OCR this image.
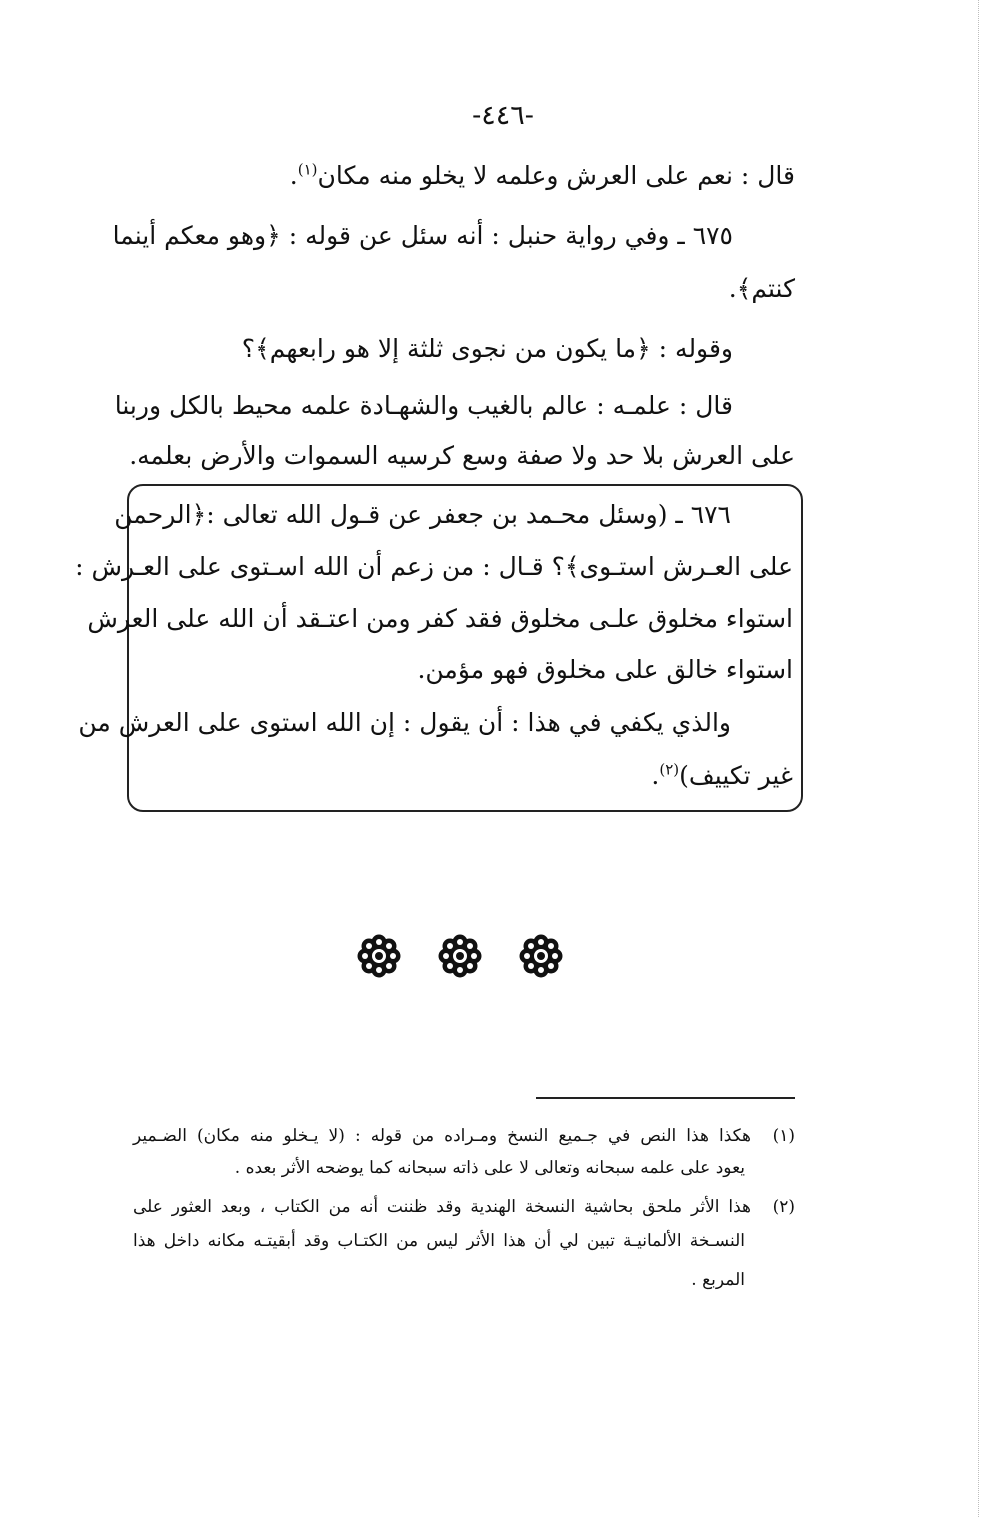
-٤٤٦-
قال : نعم على العرش وعلمه لا يخلو منه مكان$^{(١)}$.
٦٧٥ ـ وفي رواية حنبل : أنه سئل عن قوله : ﴿وهو معكم أينما
كنتم﴾.
وقوله : ﴿ما يكون من نجوى ثلثة إلا هو رابعهم﴾؟
قال : علمـه : عالم بالغيب والشهـادة علمه محيط بالكل وربنا
على العرش بلا حد ولا صفة وسع كرسيه السموات والأرض بعلمه.
٦٧٦ ـ (وسئل محـمد بن جعفر عن قـول الله تعالى :﴿الرحمن
على العـرش استـوى﴾؟ قـال : من زعم أن الله اسـتوى على العـرش :
استواء مخلوق علـى مخلوق فقد كفر ومن اعتـقد أن الله على العرش
استواء خالق على مخلوق فهو مؤمن.
والذي يكفي في هذا : أن يقول : إن الله استوى على العرش من
غير تكييف)$^{(٢)}$.
(١)هكذا هذا النص في جـميع النسخ ومـراده من قوله : (لا يـخلو منه مكان) الضـمير
يعود على علمه سبحانه وتعالى لا على ذاته سبحانه كما يوضحه الأثر بعده .
(٢)هذا الأثر ملحق بحاشية النسخة الهندية وقد ظننت أنه من الكتاب ، وبعد العثور على
النسـخة الألمانيـة تبين لي أن هذا الأثر ليس من الكتـاب وقد أبقيتـه مكانه داخل هذا
المربع .
